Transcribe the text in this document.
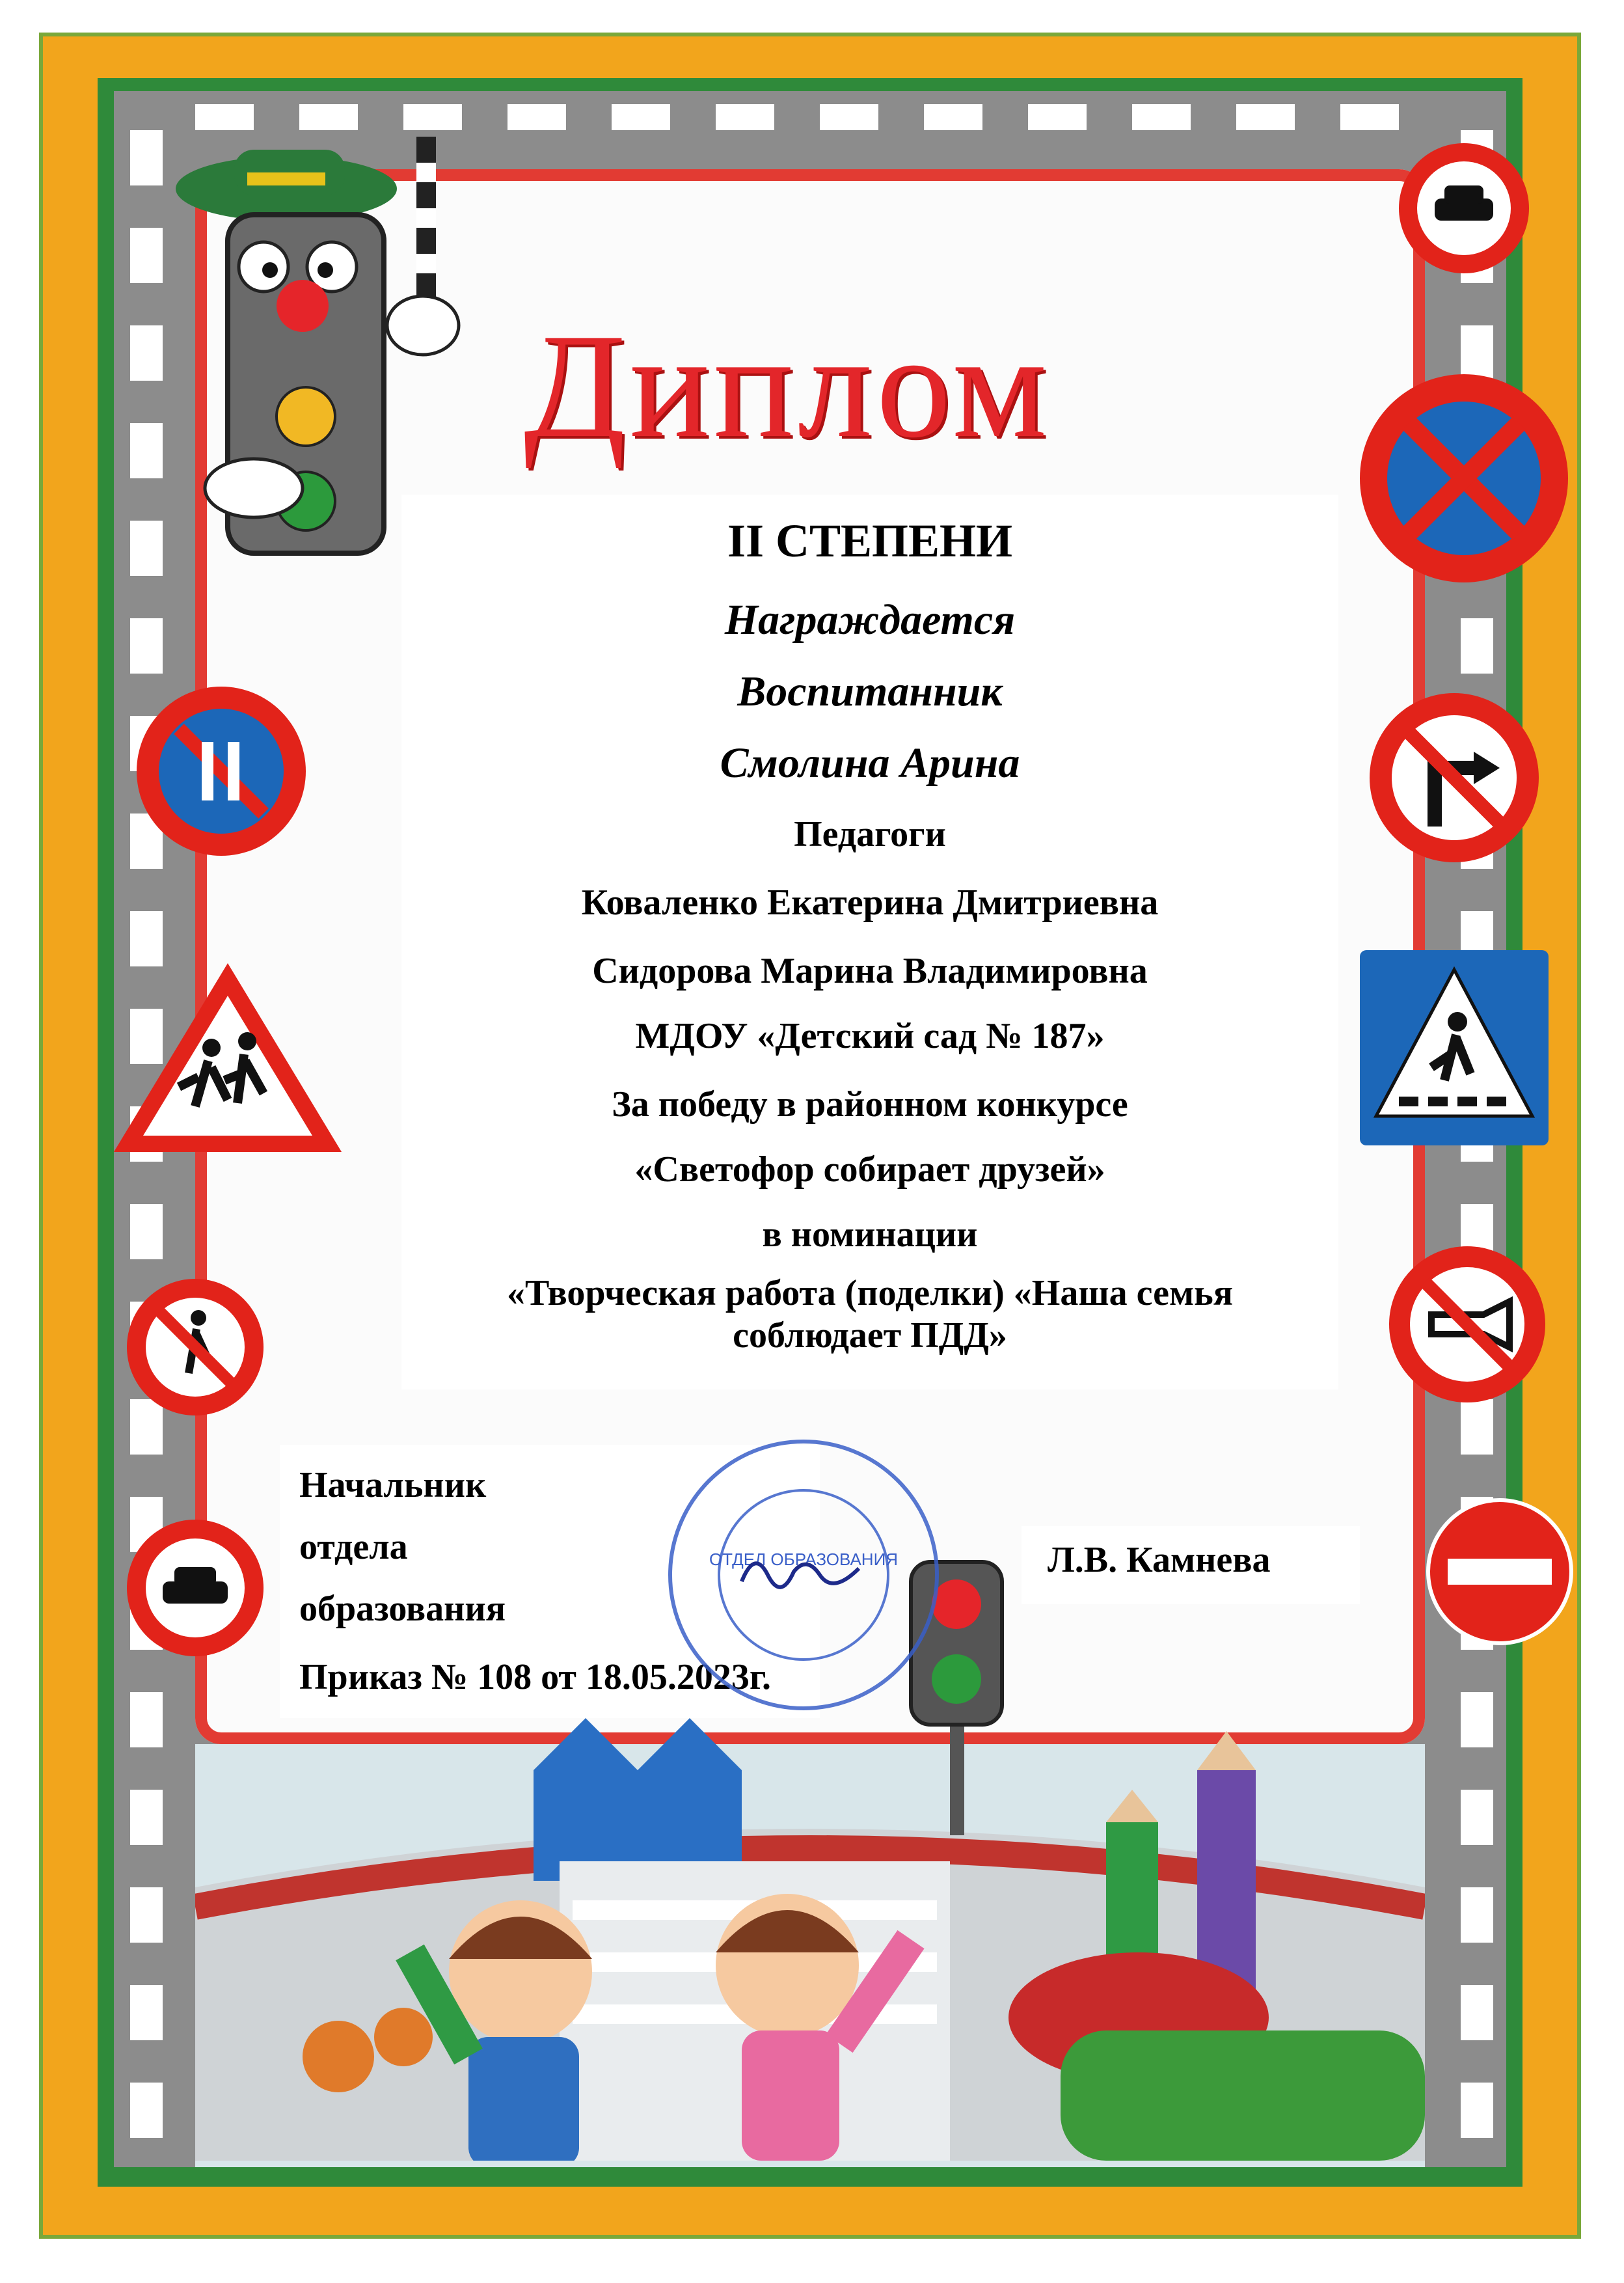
Диплом
II СТЕПЕНИ
Награждается
Воспитанник
Смолина Арина
Педагоги
Коваленко Екатерина Дмитриевна
Сидорова Марина Владимировна
МДОУ «Детский сад № 187»
За победу в районном конкурсе
«Светофор собирает друзей»
в номинации
«Творческая работа (поделки) «Наша семья
соблюдает ПДД»
Начальник
отдела
образования
Приказ № 108 от 18.05.2023г.
Л.В. Камнева
ОТДЕЛ ОБРАЗОВАНИЯ
